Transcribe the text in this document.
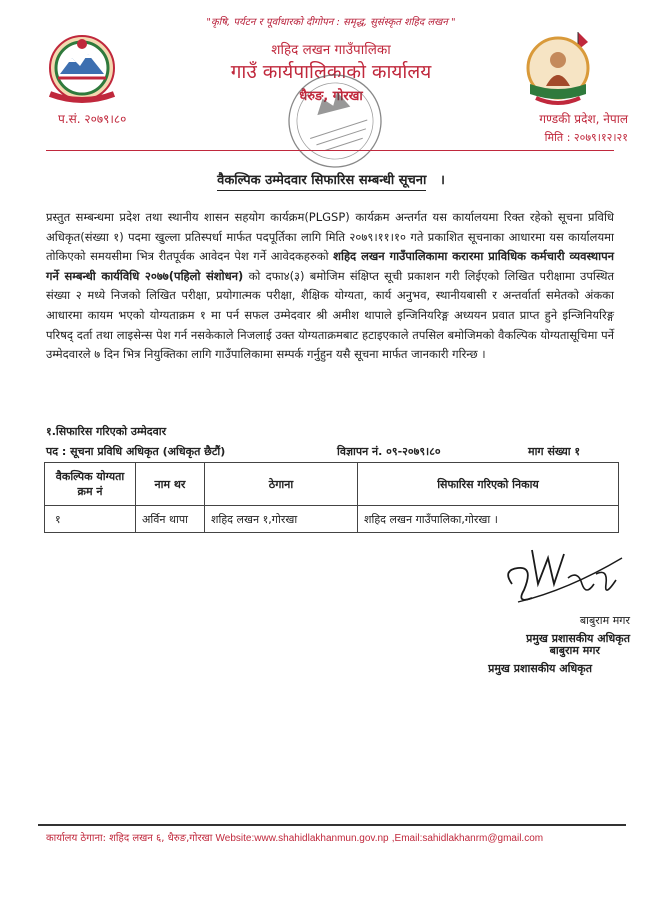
"कृषि, पर्यटन र पूर्वाधारको दीगोपन : समृद्ध, सुसंस्कृत शहिद लखन "
शहिद लखन गाउँपालिका
गाउँ कार्यपालिकाको कार्यालय
धैरुङ, गोरखा
प.सं. २०७९।८०	गण्डकी प्रदेश, नेपाल
मिति : २०७९।१२।२१
वैकल्पिक उम्मेदवार सिफारिस सम्बन्धी सूचना ।
प्रस्तुत सम्बन्धमा प्रदेश तथा स्थानीय शासन सहयोग कार्यक्रम(PLGSP) कार्यक्रम अन्तर्गत यस कार्यालयमा रिक्त रहेको सूचना प्रविधि अधिकृत(संख्या १) पदमा खुल्ला प्रतिस्पर्धा मार्फत पदपूर्तिका लागि मिति २०७९।११।१० गते प्रकाशित सूचनाका आधारमा यस कार्यालयमा तोकिएको समयसीमा भित्र रीतपूर्वक आवेदन पेश गर्ने आवेदकहरुको शहिद लखन गाउँपालिकामा करारमा प्राविधिक कर्मचारी व्यवस्थापन गर्ने सम्बन्धी कार्यविधि २०७७(पहिलो संशोधन) को दफा४(३) बमोजिम संक्षिप्त सूची प्रकाशन गरी लिईएको लिखित परीक्षामा उपस्थित संख्या २ मध्ये निजको लिखित परीक्षा, प्रयोगात्मक परीक्षा, शैक्षिक योग्यता, कार्य अनुभव, स्थानीयबासी र अन्तर्वार्ता समेतको अंकका आधारमा कायम भएको योग्यताक्रम १ मा पर्न सफल उम्मेदवार श्री अमीश थापाले इन्जिनियरिङ्ग अध्ययन प्रवात प्राप्त हुने इन्जिनियरिङ्ग परिषद् दर्ता तथा लाइसेन्स पेश गर्न नसकेकाले निजलाई उक्त योग्यताक्रमबाट हटाइएकाले तपसिल बमोजिमको वैकल्पिक योग्यतासूचिमा पर्ने उम्मेदवारले ७ दिन भित्र नियुक्तिका लागि गाउँपालिकामा सम्पर्क गर्नुहुन यसै सूचना मार्फत जानकारी गरिन्छ ।
१.सिफारिस गरिएको उम्मेदवार
पद : सूचना प्रविधि अधिकृत (अधिकृत छैटौं)	विज्ञापन नं. ०९-२०७९।८०	माग संख्या १
वैकल्पिक योग्यता क्रम नं	नाम थर	ठेगाना	सिफारिस गरिएको निकाय
१	अर्विन थापा	शहिद लखन १,गोरखा	शहिद लखन गाउँपालिका,गोरखा ।
बाबुराम मगर
प्रमुख प्रशासकीय अधिकृत
बाबुराम मगर
प्रमुख प्रशासकीय अधिकृत
कार्यालय ठेगाना: शहिद लखन ६, धैरुङ,गोरखा Website:www.shahidlakhanmun.gov.np ,Email:sahidlakhanrm@gmail.com
